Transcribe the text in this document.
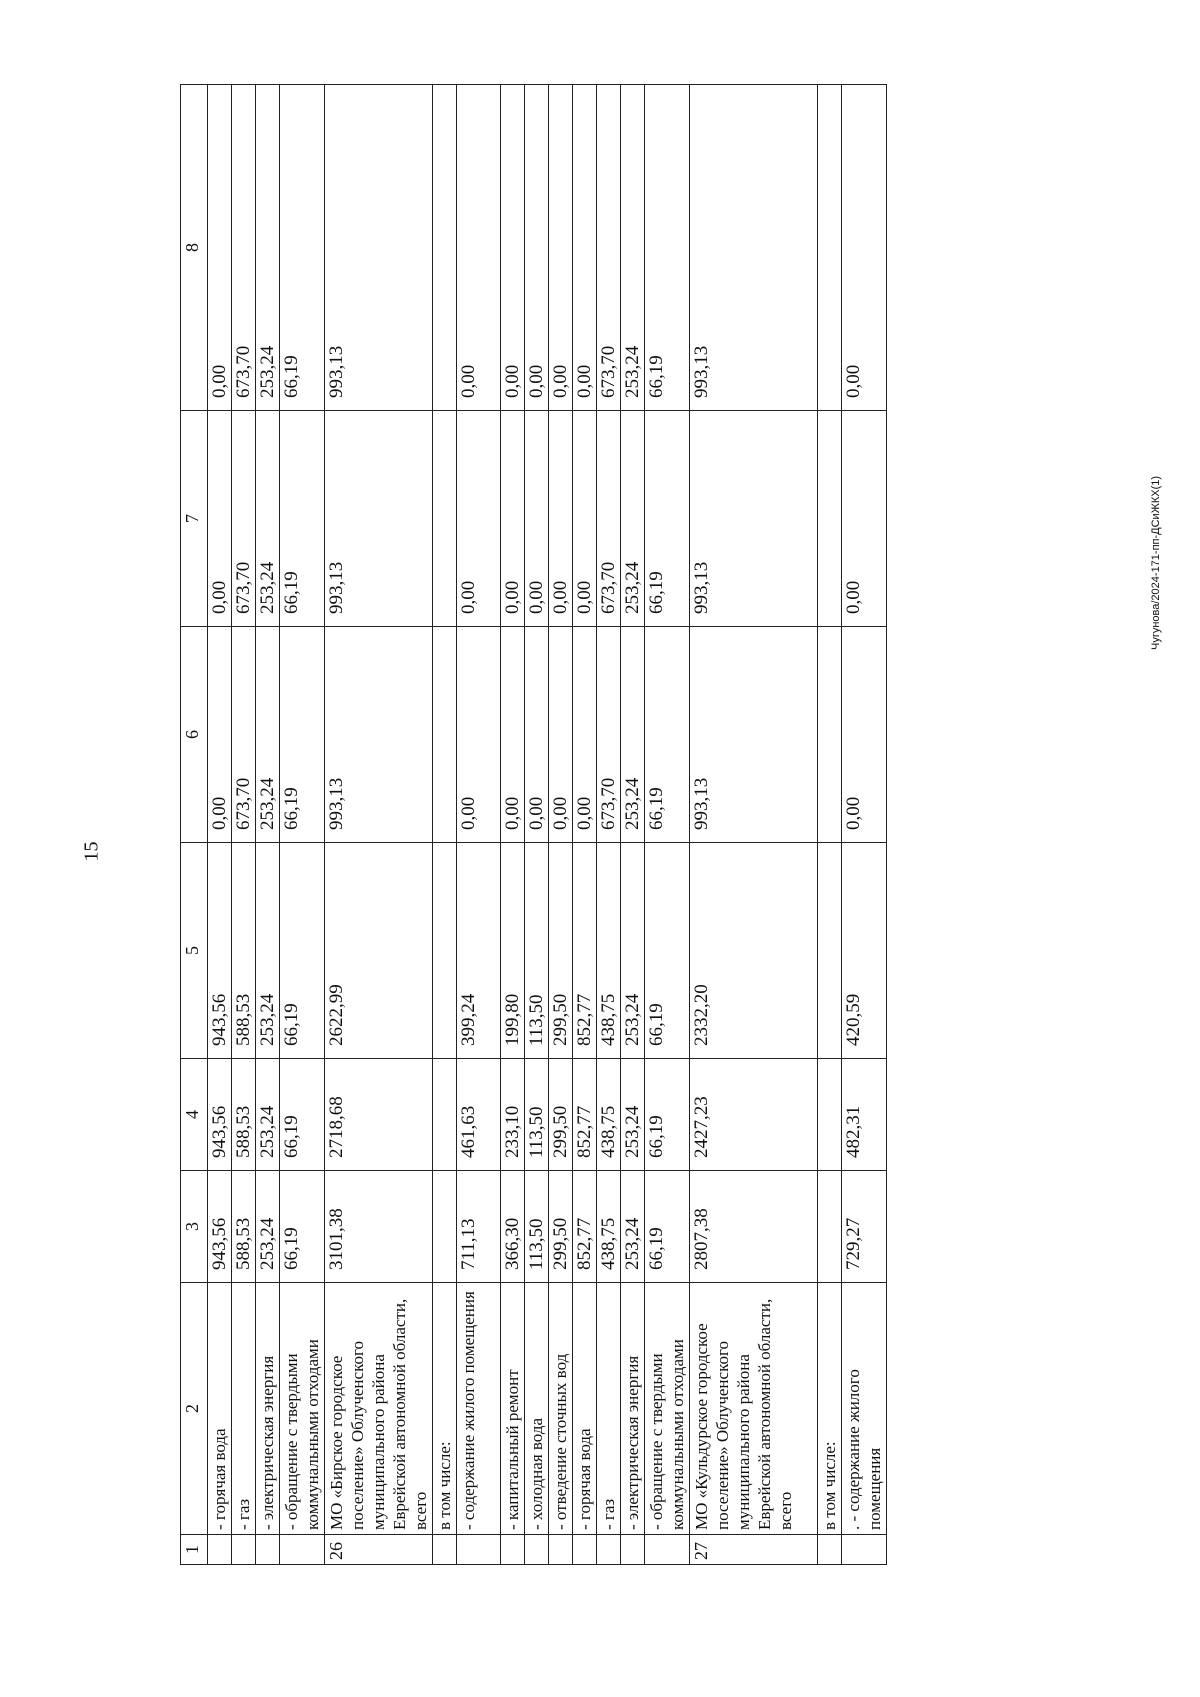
15
Чугунова/2024-171-пп-ДСиЖКХ(1)
1	2	3	4	5	6	7	8
	- горячая вода	943,56	943,56	943,56	0,00	0,00	0,00
	- газ	588,53	588,53	588,53	673,70	673,70	673,70
	- электрическая энергия	253,24	253,24	253,24	253,24	253,24	253,24
	- обращение с твердыми коммунальными отходами	66,19	66,19	66,19	66,19	66,19	66,19
26	МО «Бирское городское поселение» Облученского муниципального района Еврейской автономной области, всего	3101,38	2718,68	2622,99	993,13	993,13	993,13
	в том числе:						
	- содержание жилого помещения	711,13	461,63	399,24	0,00	0,00	0,00
	- капитальный ремонт	366,30	233,10	199,80	0,00	0,00	0,00
	- холодная вода	113,50	113,50	113,50	0,00	0,00	0,00
	- отведение сточных вод	299,50	299,50	299,50	0,00	0,00	0,00
	- горячая вода	852,77	852,77	852,77	0,00	0,00	0,00
	- газ	438,75	438,75	438,75	673,70	673,70	673,70
	- электрическая энергия	253,24	253,24	253,24	253,24	253,24	253,24
	- обращение с твердыми коммунальными отходами	66,19	66,19	66,19	66,19	66,19	66,19
27	МО «Кульдурское городское поселение» Облученского муниципального района Еврейской автономной области, всего	2807,38	2427,23	2332,20	993,13	993,13	993,13
	в том числе:						
	. - содержание жилого помещения	729,27	482,31	420,59	0,00	0,00	0,00
